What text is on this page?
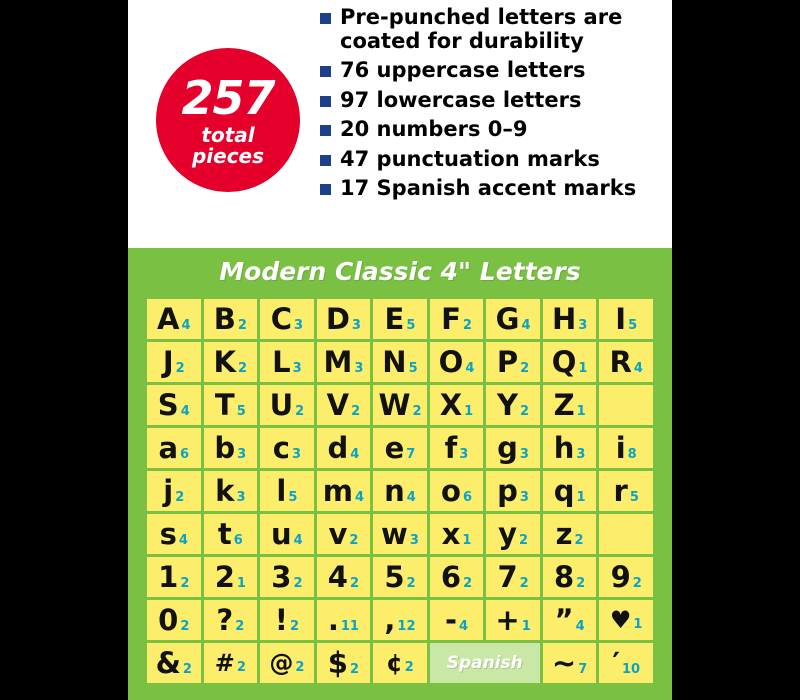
257
total
pieces
Pre-punched letters are coated for durability
76 uppercase letters
97 lowercase letters
20 numbers 0–9
47 punctuation marks
17 Spanish accent marks
Modern Classic 4" Letters
A 4	B 2	C 3	D 3	E 5	F 2	G 4	H 3	I 5

J 2	K 2	L 3	M 3	N 5	O 4	P 2	Q 1	R 4

S 4	T 5	U 2	V 2	W 2	X 1	Y 2	Z 1	

a 6	b 3	c 3	d 4	e 7	f 3	g 3	h 3	i 8

j 2	k 3	l 5	m 4	n 4	o 6	p 3	q 1	r 5

s 4	t 6	u 4	v 2	w 3	x 1	y 2	z 2	

1 2	2 1	3 2	4 2	5 2	6 2	7 2	8 2	9 2

0 2	? 2	! 2	. 11	, 12	- 4	+ 1	” 4	♥ 1

& 2	# 2	@ 2	$ 2	¢ 2	Spanish		~ 7	′ 10
